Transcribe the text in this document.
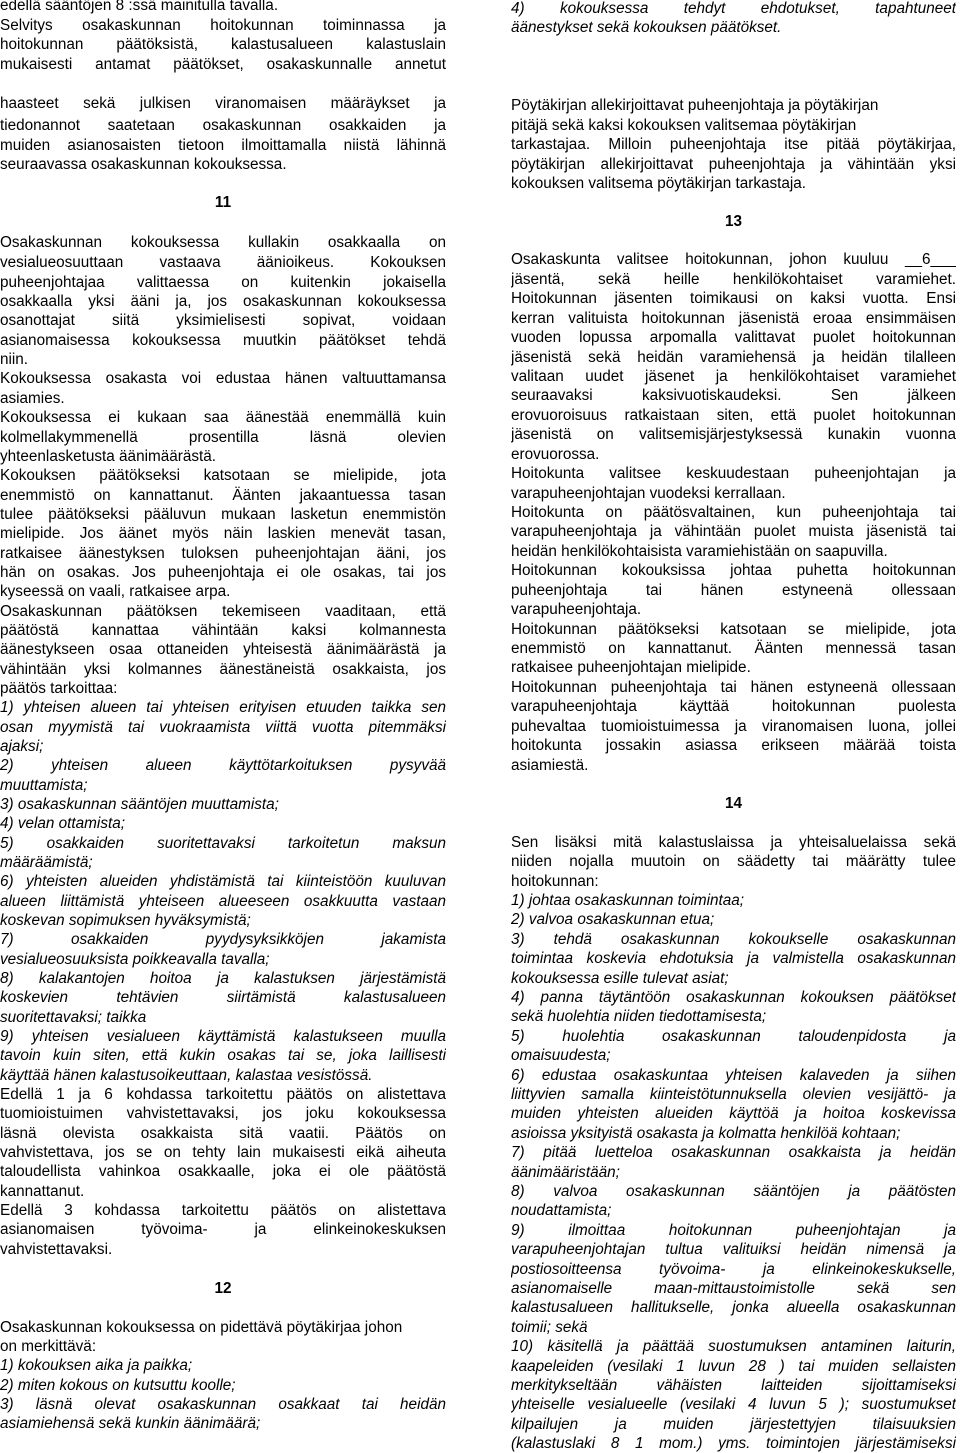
edellä sääntöjen 8 :ssä mainitulla tavalla.
Selvitys osakaskunnan hoitokunnan toiminnassa ja
hoitokunnan päätöksistä, kalastusalueen kalastuslain
mukaisesti antamat päätökset, osakaskunnalle annetut
haasteet sekä julkisen viranomaisen määräykset ja
tiedonannot saatetaan osakaskunnan osakkaiden ja
muiden asianosaisten tietoon ilmoittamalla niistä lähinnä
seuraavassa osakaskunnan kokouksessa.
11
Osakaskunnan kokouksessa kullakin osakkaalla on
vesialueosuuttaan vastaava äänioikeus. Kokouksen
puheenjohtajaa valittaessa on kuitenkin jokaisella
osakkaalla yksi ääni ja, jos osakaskunnan kokouksessa
osanottajat siitä yksimielisesti sopivat, voidaan
asianomaisessa kokouksessa muutkin päätökset tehdä
niin.
Kokouksessa osakasta voi edustaa hänen valtuuttamansa
asiamies.
Kokouksessa ei kukaan saa äänestää enemmällä kuin
kolmellakymmenellä prosentilla läsnä olevien
yhteenlasketusta äänimäärästä.
Kokouksen päätökseksi katsotaan se mielipide, jota
enemmistö on kannattanut. Äänten jakaantuessa tasan
tulee päätökseksi pääluvun mukaan lasketun enemmistön
mielipide. Jos äänet myös näin laskien menevät tasan,
ratkaisee äänestyksen tuloksen puheenjohtajan ääni, jos
hän on osakas. Jos puheenjohtaja ei ole osakas, tai jos
kyseessä on vaali, ratkaisee arpa.
Osakaskunnan päätöksen tekemiseen vaaditaan, että
päätöstä kannattaa vähintään kaksi kolmannesta
äänestykseen osaa ottaneiden yhteisestä äänimäärästä ja
vähintään yksi kolmannes äänestäneistä osakkaista, jos
päätös tarkoittaa:
1) yhteisen alueen tai yhteisen erityisen etuuden taikka sen
osan myymistä tai vuokraamista viittä vuotta pitemmäksi
ajaksi;
2) yhteisen alueen käyttötarkoituksen pysyvää
muuttamista;
3) osakaskunnan sääntöjen muuttamista;
4) velan ottamista;
5) osakkaiden suoritettavaksi tarkoitetun maksun
määräämistä;
6) yhteisten alueiden yhdistämistä tai kiinteistöön kuuluvan
alueen liittämistä yhteiseen alueeseen osakkuutta vastaan
koskevan sopimuksen hyväksymistä;
7) osakkaiden pyydysyksikköjen jakamista
vesialueosuuksista poikkeavalla tavalla;
8) kalakantojen hoitoa ja kalastuksen järjestämistä
koskevien tehtävien siirtämistä kalastusalueen
suoritettavaksi; taikka
9) yhteisen vesialueen käyttämistä kalastukseen muulla
tavoin kuin siten, että kukin osakas tai se, joka laillisesti
käyttää hänen kalastusoikeuttaan, kalastaa vesistössä.
Edellä 1 ja 6 kohdassa tarkoitettu päätös on alistettava
tuomioistuimen vahvistettavaksi, jos joku kokouksessa
läsnä olevista osakkaista sitä vaatii. Päätös on
vahvistettava, jos se on tehty lain mukaisesti eikä aiheuta
taloudellista vahinkoa osakkaalle, joka ei ole päätöstä
kannattanut.
Edellä 3 kohdassa tarkoitettu päätös on alistettava
asianomaisen työvoima- ja elinkeinokeskuksen
vahvistettavaksi.
12
Osakaskunnan kokouksessa on pidettävä pöytäkirjaa johon
on merkittävä:
1) kokouksen aika ja paikka;
2) miten kokous on kutsuttu koolle;
3) läsnä olevat osakaskunnan osakkaat tai heidän
asiamiehensä sekä kunkin äänimäärä;
4) kokouksessa tehdyt ehdotukset, tapahtuneet
äänestykset sekä kokouksen päätökset.
Pöytäkirjan allekirjoittavat puheenjohtaja ja pöytäkirjan
pitäjä sekä kaksi kokouksen valitsemaa pöytäkirjan
tarkastajaa. Milloin puheenjohtaja itse pitää pöytäkirjaa,
pöytäkirjan allekirjoittavat puheenjohtaja ja vähintään yksi
kokouksen valitsema pöytäkirjan tarkastaja.
13
Osakaskunta valitsee hoitokunnan, johon kuuluu __6___
jäsentä, sekä heille henkilökohtaiset varamiehet.
Hoitokunnan jäsenten toimikausi on kaksi vuotta. Ensi
kerran valituista hoitokunnan jäsenistä eroaa ensimmäisen
vuoden lopussa arpomalla valittavat puolet hoitokunnan
jäsenistä sekä heidän varamiehensä ja heidän tilalleen
valitaan uudet jäsenet ja henkilökohtaiset varamiehet
seuraavaksi kaksivuotiskaudeksi. Sen jälkeen
erovuoroisuus ratkaistaan siten, että puolet hoitokunnan
jäsenistä on valitsemisjärjestyksessä kunakin vuonna
erovuorossa.
Hoitokunta valitsee keskuudestaan puheenjohtajan ja
varapuheenjohtajan vuodeksi kerrallaan.
Hoitokunta on päätösvaltainen, kun puheenjohtaja tai
varapuheenjohtaja ja vähintään puolet muista jäsenistä tai
heidän henkilökohtaisista varamiehistään on saapuvilla.
Hoitokunnan kokouksissa johtaa puhetta hoitokunnan
puheenjohtaja tai hänen estyneenä ollessaan
varapuheenjohtaja.
Hoitokunnan päätökseksi katsotaan se mielipide, jota
enemmistö on kannattanut. Äänten mennessä tasan
ratkaisee puheenjohtajan mielipide.
Hoitokunnan puheenjohtaja tai hänen estyneenä ollessaan
varapuheenjohtaja käyttää hoitokunnan puolesta
puhevaltaa tuomioistuimessa ja viranomaisen luona, jollei
hoitokunta jossakin asiassa erikseen määrää toista
asiamiestä.
14
Sen lisäksi mitä kalastuslaissa ja yhteisaluelaissa sekä
niiden nojalla muutoin on säädetty tai määrätty tulee
hoitokunnan:
1) johtaa osakaskunnan toimintaa;
2) valvoa osakaskunnan etua;
3) tehdä osakaskunnan kokoukselle osakaskunnan
toimintaa koskevia ehdotuksia ja valmistella osakaskunnan
kokouksessa esille tulevat asiat;
4) panna täytäntöön osakaskunnan kokouksen päätökset
sekä huolehtia niiden tiedottamisesta;
5) huolehtia osakaskunnan taloudenpidosta ja
omaisuudesta;
6) edustaa osakaskuntaa yhteisen kalaveden ja siihen
liittyvien samalla kiinteistötunnuksella olevien vesijättö- ja
muiden yhteisten alueiden käyttöä ja hoitoa koskevissa
asioissa yksityistä osakasta ja kolmatta henkilöä kohtaan;
7) pitää luetteloa osakaskunnan osakkaista ja heidän
äänimääristään;
8) valvoa osakaskunnan sääntöjen ja päätösten
noudattamista;
9) ilmoittaa hoitokunnan puheenjohtajan ja
varapuheenjohtajan tultua valituiksi heidän nimensä ja
postiosoitteensa työvoima- ja elinkeinokeskukselle,
asianomaiselle maan-mittaustoimistolle sekä sen
kalastusalueen hallitukselle, jonka alueella osakaskunnan
toimii; sekä
10) käsitellä ja päättää suostumuksen antaminen laiturin,
kaapeleiden (vesilaki 1 luvun 28 ) tai muiden sellaisten
merkitykseltään vähäisten laitteiden sijoittamiseksi
yhteiselle vesialueelle (vesilaki 4 luvun 5 ); suostumukset
kilpailujen ja muiden järjestettyjen tilaisuuksien
(kalastuslaki 8 1 mom.) yms. toimintojen järjestämiseksi
